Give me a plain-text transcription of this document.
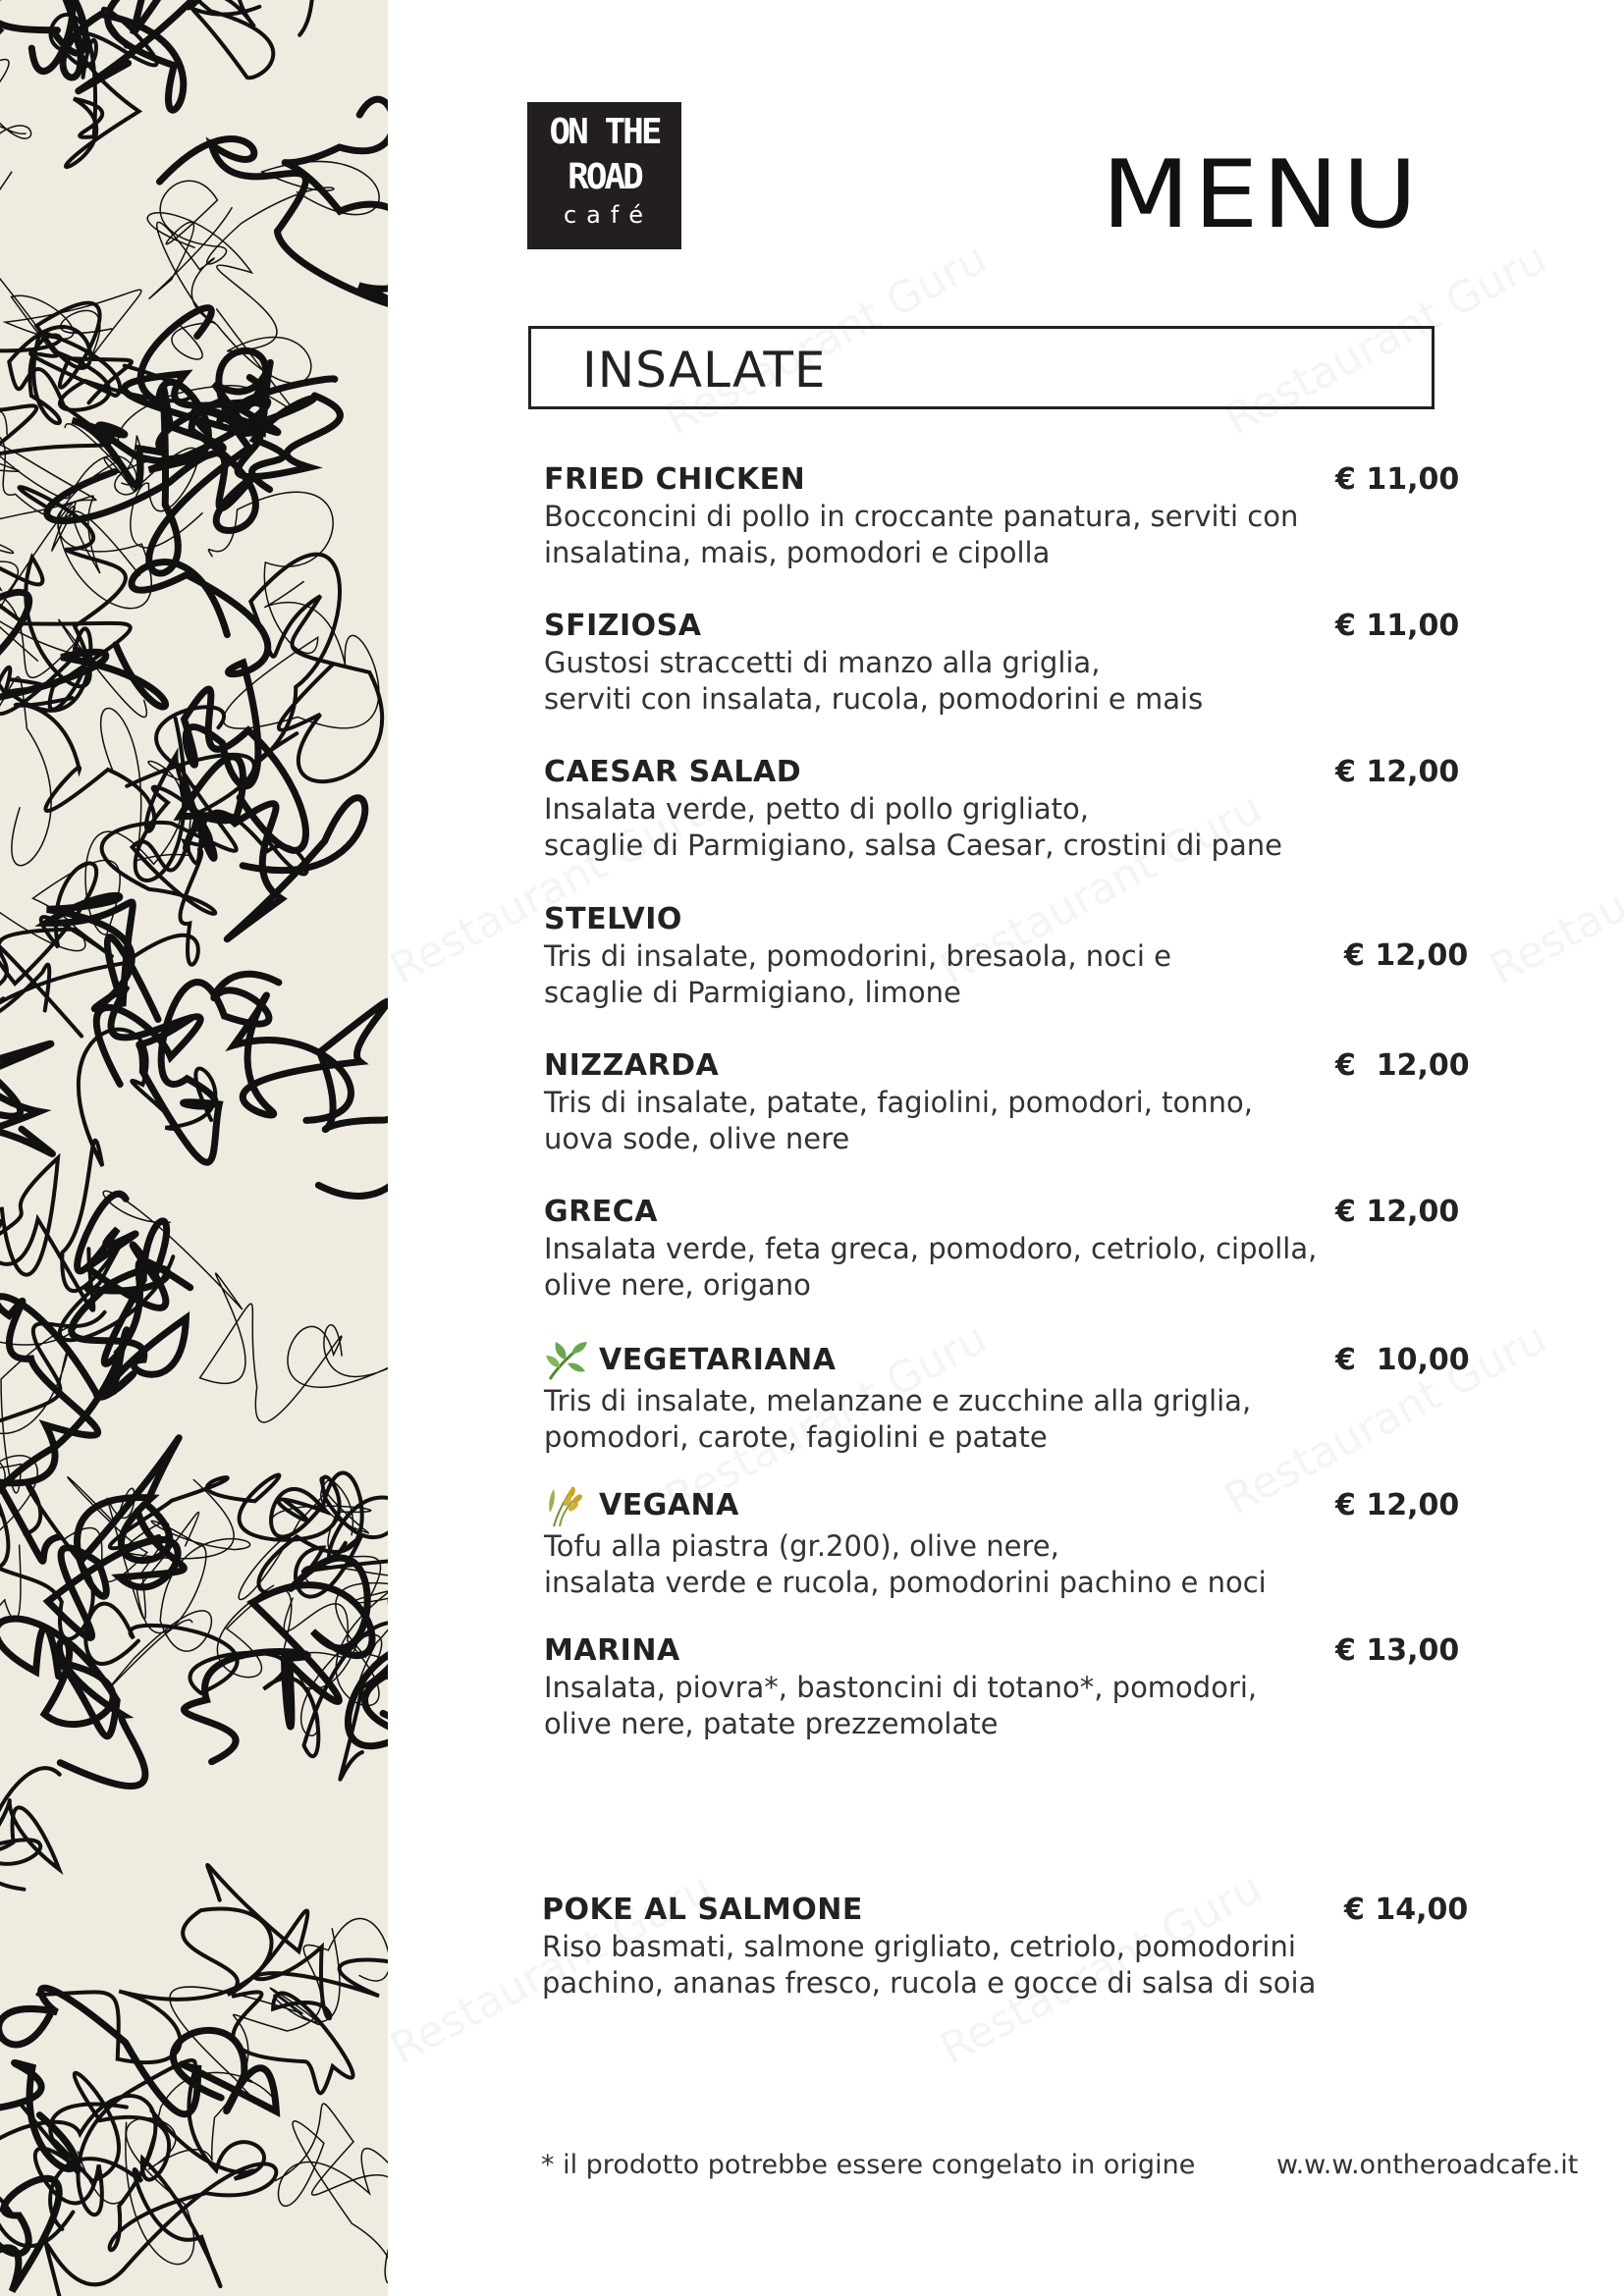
ON THE
ROAD
café	MENU
INSALATE
FRIED CHICKEN
Bocconcini di pollo in croccante panatura, serviti con
insalatina, mais, pomodori e cipolla
€ 11,00
SFIZIOSA
Gustosi straccetti di manzo alla griglia,
serviti con insalata, rucola, pomodorini e mais
€ 11,00
CAESAR SALAD
Insalata verde, petto di pollo grigliato,
scaglie di Parmigiano, salsa Caesar, crostini di pane
€ 12,00
STELVIO
Tris di insalate, pomodorini, bresaola, noci e
scaglie di Parmigiano, limone
€ 12,00
NIZZARDA
Tris di insalate, patate, fagiolini, pomodori, tonno,
uova sode, olive nere
€  12,00
GRECA
Insalata verde, feta greca, pomodoro, cetriolo, cipolla,
olive nere, origano
€ 12,00
VEGETARIANA
Tris di insalate, melanzane e zucchine alla griglia,
pomodori, carote, fagiolini e patate
€  10,00
VEGANA
Tofu alla piastra (gr.200), olive nere,
insalata verde e rucola, pomodorini pachino e noci
€ 12,00
MARINA
Insalata, piovra*, bastoncini di totano*, pomodori,
olive nere, patate prezzemolate
€ 13,00
POKE AL SALMONE
Riso basmati, salmone grigliato, cetriolo, pomodorini
pachino, ananas fresco, rucola e gocce di salsa di soia
€ 14,00
* il prodotto potrebbe essere congelato in origine	w.w.w.ontheroadcafe.it
